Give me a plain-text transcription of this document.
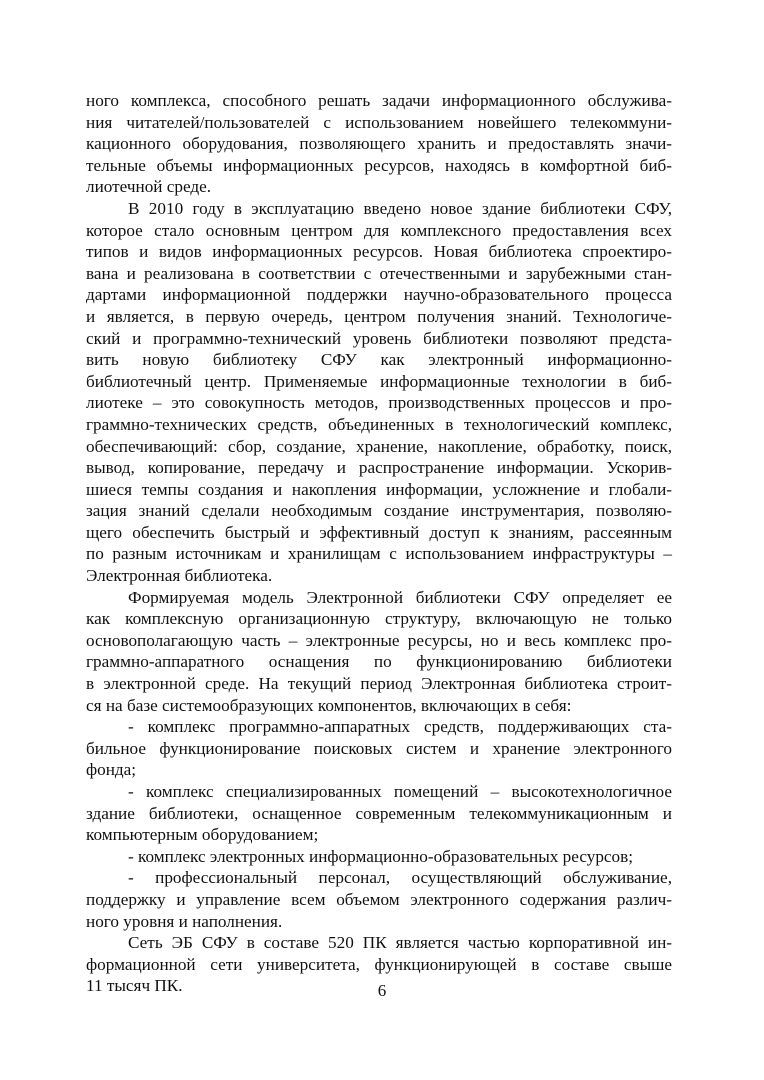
ного комплекса, способного решать задачи информационного обслужива-
ния читателей/пользователей с использованием новейшего телекоммуни-
кационного оборудования, позволяющего хранить и предоставлять значи-
тельные объемы информационных ресурсов, находясь в комфортной биб-
лиотечной среде.
В 2010 году в эксплуатацию введено новое здание библиотеки СФУ,
которое стало основным центром для комплексного предоставления всех
типов и видов информационных ресурсов. Новая библиотека спроектиро-
вана и реализована в соответствии с отечественными и зарубежными стан-
дартами информационной поддержки научно-образовательного процесса
и является, в первую очередь, центром получения знаний. Технологиче-
ский и программно-технический уровень библиотеки позволяют предста-
вить новую библиотеку СФУ как электронный информационно-
библиотечный центр. Применяемые информационные технологии в биб-
лиотеке – это совокупность методов, производственных процессов и про-
граммно-технических средств, объединенных в технологический комплекс,
обеспечивающий: сбор, создание, хранение, накопление, обработку, поиск,
вывод, копирование, передачу и распространение информации. Ускорив-
шиеся темпы создания и накопления информации, усложнение и глобали-
зация знаний сделали необходимым создание инструментария, позволяю-
щего обеспечить быстрый и эффективный доступ к знаниям, рассеянным
по разным источникам и хранилищам с использованием инфраструктуры –
Электронная библиотека.
Формируемая модель Электронной библиотеки СФУ определяет ее
как комплексную организационную структуру, включающую не только
основополагающую часть – электронные ресурсы, но и весь комплекс про-
граммно-аппаратного оснащения по функционированию библиотеки
в электронной среде. На текущий период Электронная библиотека строит-
ся на базе системообразующих компонентов, включающих в себя:
- комплекс программно-аппаратных средств, поддерживающих ста-
бильное функционирование поисковых систем и хранение электронного
фонда;
- комплекс специализированных помещений – высокотехнологичное
здание библиотеки, оснащенное современным телекоммуникационным и
компьютерным оборудованием;
- комплекс электронных информационно-образовательных ресурсов;
- профессиональный персонал, осуществляющий обслуживание,
поддержку и управление всем объемом электронного содержания различ-
ного уровня и наполнения.
Сеть ЭБ СФУ в составе 520 ПК является частью корпоративной ин-
формационной сети университета, функционирующей в составе свыше
11 тысяч ПК.	6
